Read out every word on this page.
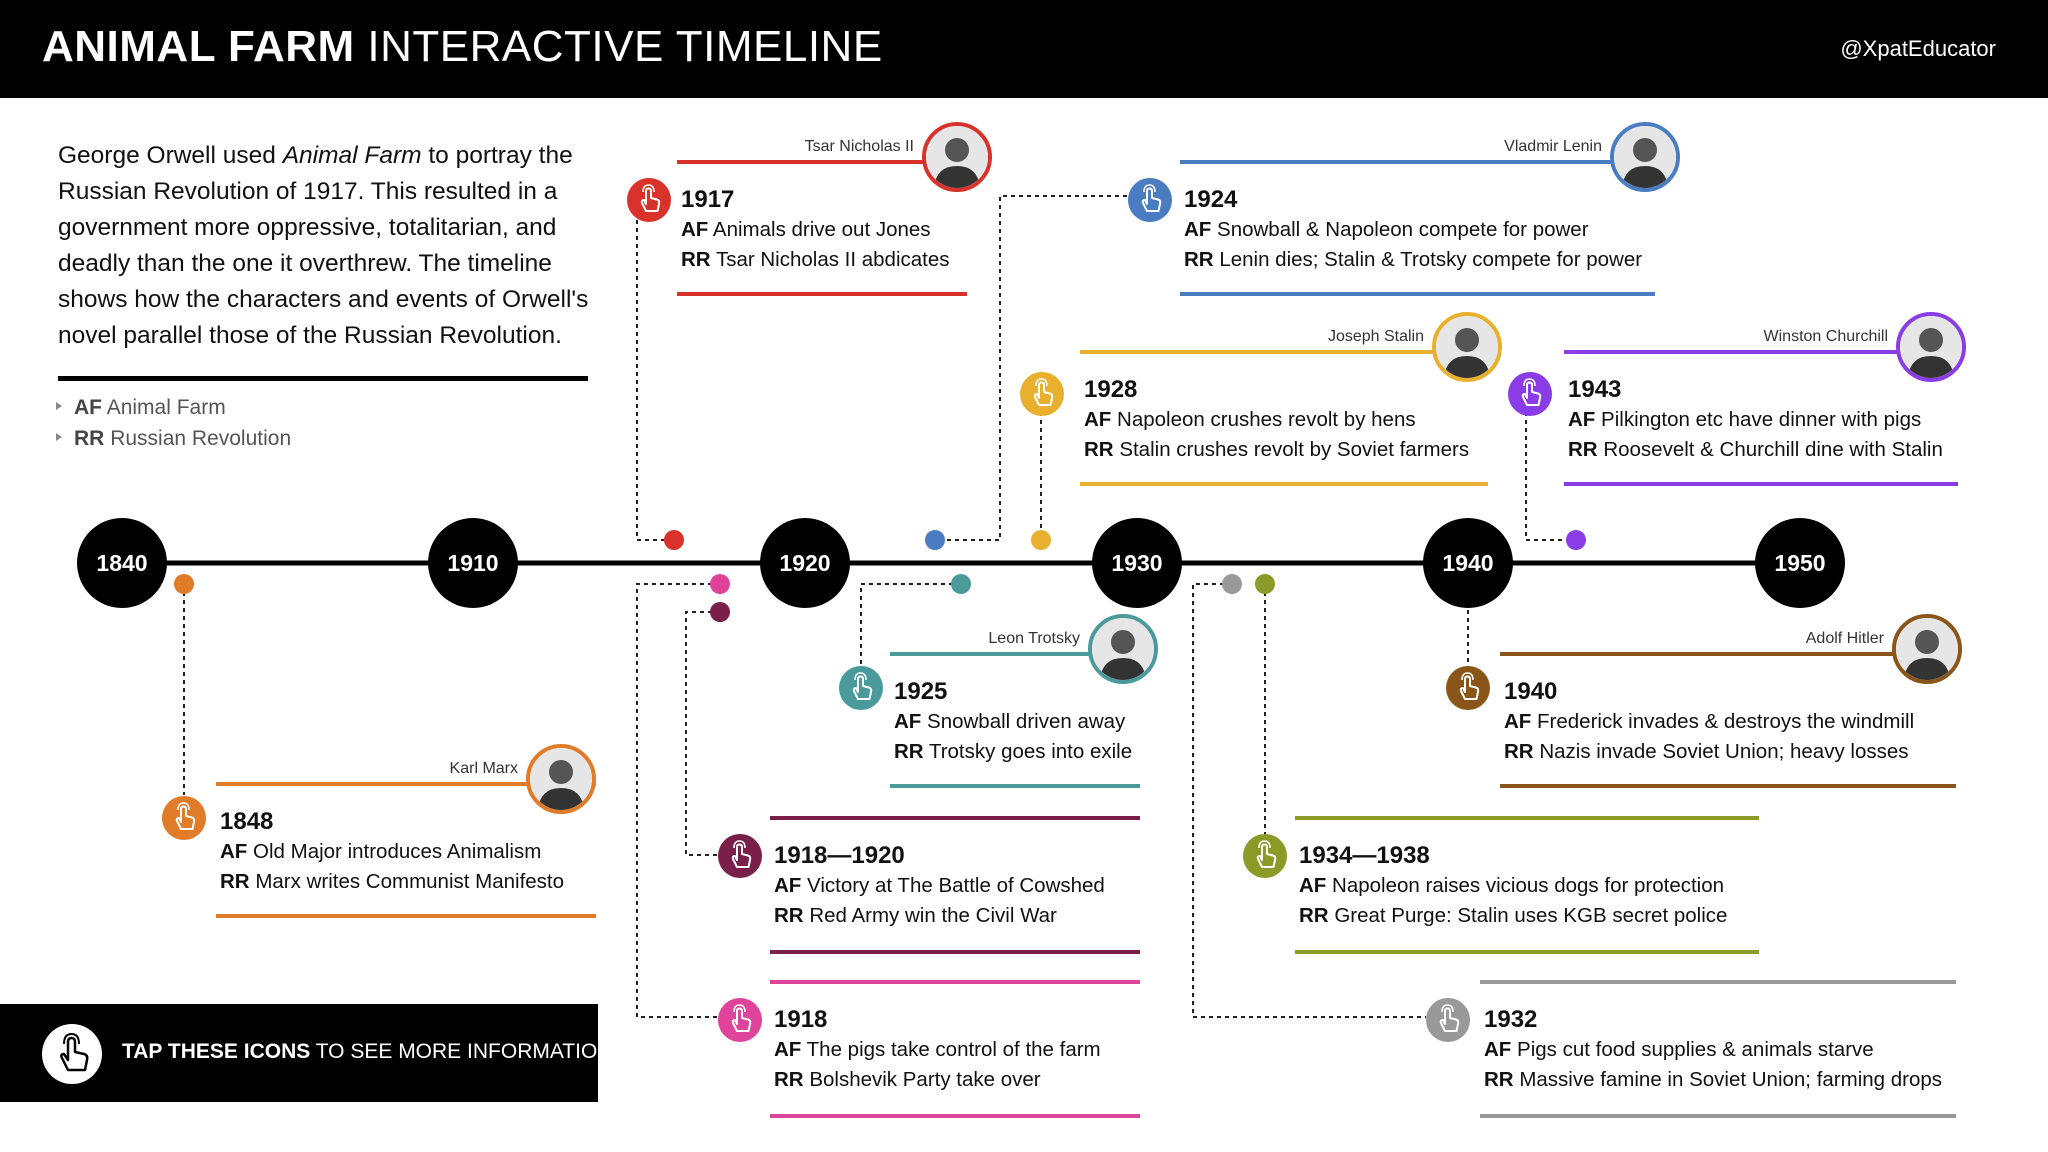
ANIMAL FARM INTERACTIVE TIMELINE	@XpatEducator
George Orwell used Animal Farm to portray the Russian Revolution of 1917. This resulted in a government more oppressive, totalitarian, and deadly than the one it overthrew. The timeline shows how the characters and events of Orwell's novel parallel those of the Russian Revolution.
AF Animal Farm
RR Russian Revolution
1840	1910	1920	1930	1940	1950
Tsar Nicholas II
1917
AF Animals drive out Jones
RR Tsar Nicholas II abdicates
Vladmir Lenin
1924
AF Snowball & Napoleon compete for power
RR Lenin dies; Stalin & Trotsky compete for power
Joseph Stalin
1928
AF Napoleon crushes revolt by hens
RR Stalin crushes revolt by Soviet farmers
Winston Churchill
1943
AF Pilkington etc have dinner with pigs
RR Roosevelt & Churchill dine with Stalin
Leon Trotsky
1925
AF Snowball driven away
RR Trotsky goes into exile
Adolf Hitler
1940
AF Frederick invades & destroys the windmill
RR Nazis invade Soviet Union; heavy losses
Karl Marx
1848
AF Old Major introduces Animalism
RR Marx writes Communist Manifesto
1918—1920
AF Victory at The Battle of Cowshed
RR Red Army win the Civil War
1934—1938
AF Napoleon raises vicious dogs for protection
RR Great Purge: Stalin uses KGB secret police
1918
AF The pigs take control of the farm
RR Bolshevik Party take over
1932
AF Pigs cut food supplies & animals starve
RR Massive famine in Soviet Union; farming drops
TAP THESE ICONS TO SEE MORE INFORMATION
